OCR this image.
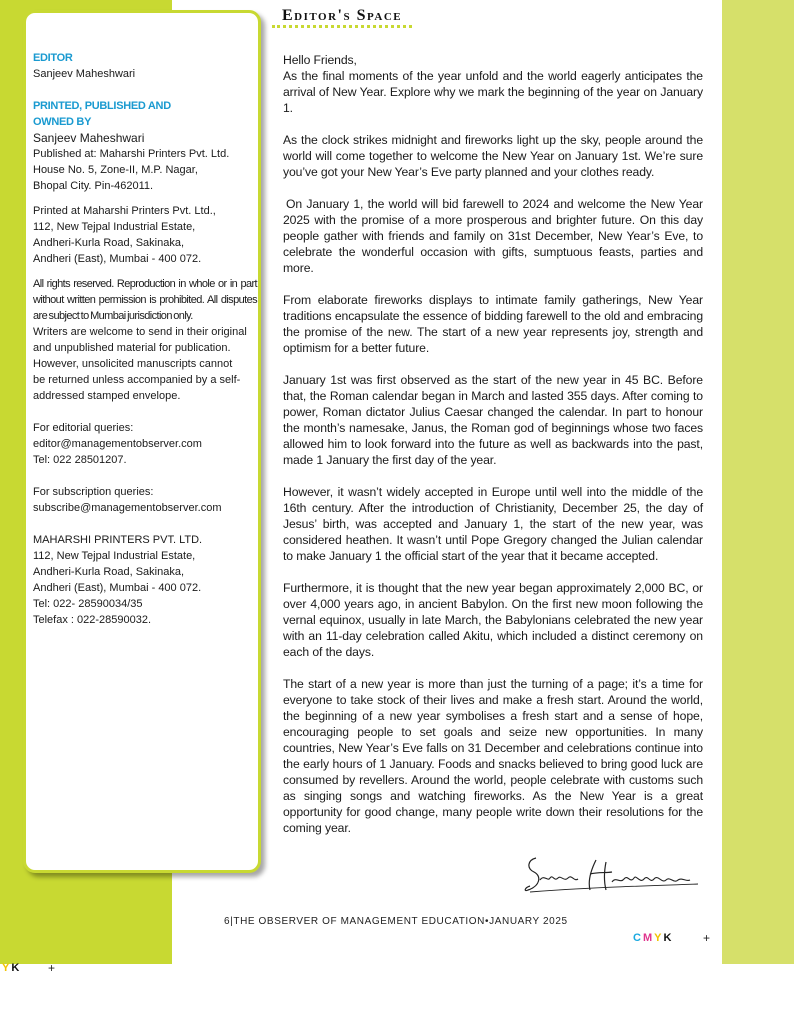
EDITOR
Sanjeev Maheshwari
PRINTED, PUBLISHED AND
OWNED BY
Sanjeev Maheshwari
Published at: Maharshi Printers Pvt. Ltd.
House No. 5, Zone-II, M.P. Nagar,
Bhopal City. Pin-462011.
Printed at Maharshi Printers Pvt. Ltd.,
112, New Tejpal Industrial Estate,
Andheri-Kurla Road, Sakinaka,
Andheri (East), Mumbai - 400 072.
All rights reserved. Reproduction in whole or in part without written permission is prohibited. All disputes are subject to Mumbai jurisdiction only.
Writers are welcome to send in their original
and unpublished material for publication.
However, unsolicited manuscripts cannot
be returned unless accompanied by a self-
addressed stamped envelope.
For editorial queries:
editor@managementobserver.com
Tel: 022 28501207.
For subscription queries:
subscribe@managementobserver.com
MAHARSHI PRINTERS PVT. LTD.
112, New Tejpal Industrial Estate,
Andheri-Kurla Road, Sakinaka,
Andheri (East), Mumbai - 400 072.
Tel: 022- 28590034/35
Telefax : 022-28590032.
Editor's Space
Hello Friends,

As the final moments of the year unfold and the world eagerly anticipates the arrival of New Year. Explore why we mark the beginning of the year on January 1.

As the clock strikes midnight and fireworks light up the sky, people around the world will come together to welcome the New Year on January 1st. We’re sure you’ve got your New Year’s Eve party planned and your clothes ready.

On January 1, the world will bid farewell to 2024 and welcome the New Year 2025 with the promise of a more prosperous and brighter future. On this day people gather with friends and family on 31st December, New Year’s Eve, to celebrate the wonderful occasion with gifts, sumptuous feasts, parties and more.

From elaborate fireworks displays to intimate family gatherings, New Year traditions encapsulate the essence of bidding farewell to the old and embracing the promise of the new. The start of a new year represents joy, strength and optimism for a better future.

January 1st was first observed as the start of the new year in 45 BC. Before that, the Roman calendar began in March and lasted 355 days. After coming to power, Roman dictator Julius Caesar changed the calendar. In part to honour the month’s namesake, Janus, the Roman god of beginnings whose two faces allowed him to look forward into the future as well as backwards into the past, made 1 January the first day of the year.

However, it wasn’t widely accepted in Europe until well into the middle of the 16th century. After the introduction of Christianity, December 25, the day of Jesus’ birth, was accepted and January 1, the start of the new year, was considered heathen. It wasn’t until Pope Gregory changed the Julian calendar to make January 1 the official start of the year that it became accepted.

Furthermore, it is thought that the new year began approximately 2,000 BC, or over 4,000 years ago, in ancient Babylon. On the first new moon following the vernal equinox, usually in late March, the Babylonians celebrated the new year with an 11-day celebration called Akitu, which included a distinct ceremony on each of the days.

The start of a new year is more than just the turning of a page; it’s a time for everyone to take stock of their lives and make a fresh start. Around the world, the beginning of a new year symbolises a fresh start and a sense of hope, encouraging people to set goals and seize new opportunities. In many countries, New Year’s Eve falls on 31 December and celebrations continue into the early hours of 1 January. Foods and snacks believed to bring good luck are consumed by revellers. Around the world, people celebrate with customs such as singing songs and watching fireworks. As the New Year is a great opportunity for good change, many people write down their resolutions for the coming year.

6|THE OBSERVER OF MANAGEMENT EDUCATION•JANUARY 2025
CMYK +
YK +
